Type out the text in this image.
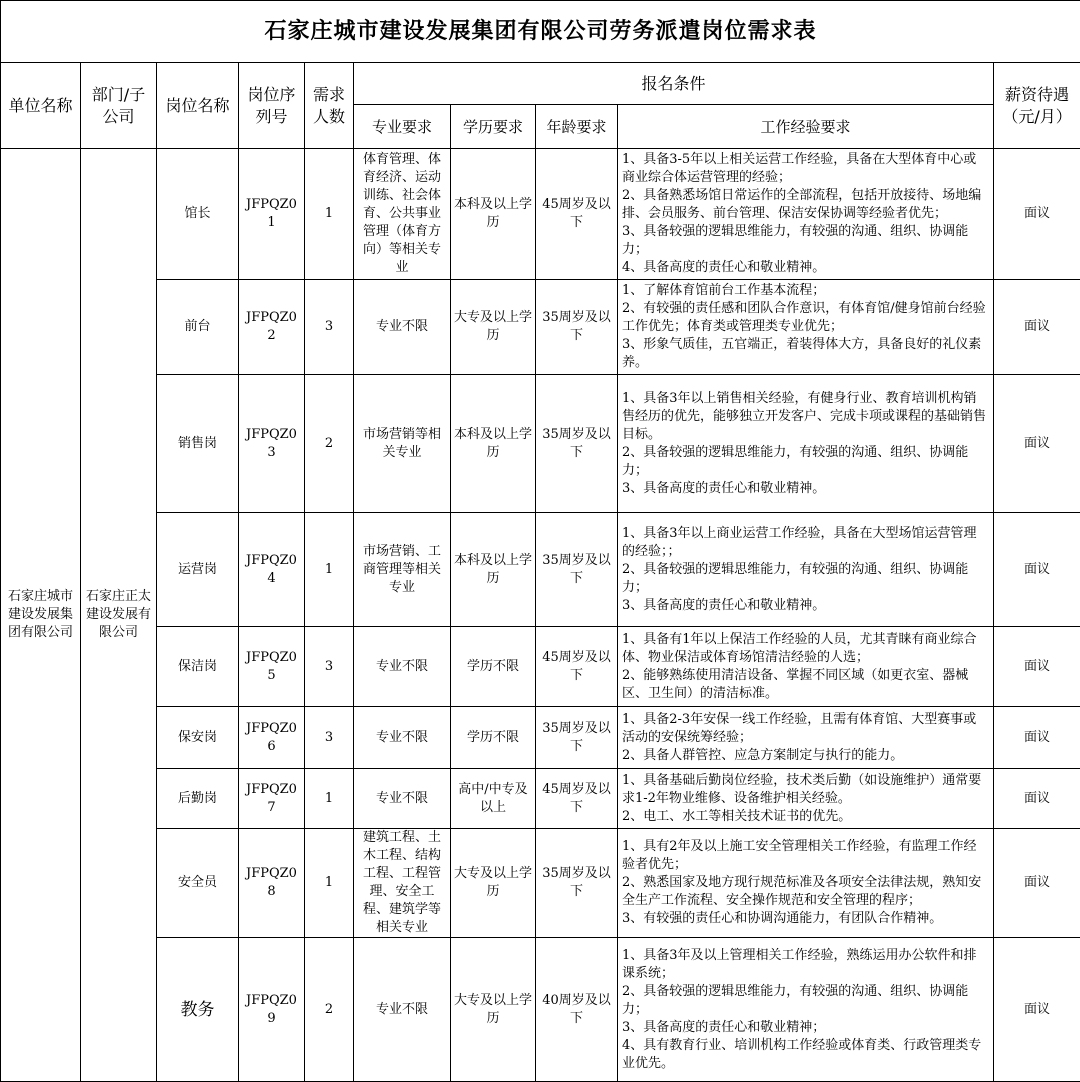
石家庄城市建设发展集团有限公司劳务派遣岗位需求表									
单位名称	部门/子公司	岗位名称	岗位序列号	需求人数	报名条件				薪资待遇（元/月）
					专业要求	学历要求	年龄要求	工作经验要求	
石家庄城市建设发展集团有限公司	石家庄正太建设发展有限公司	馆长	JFPQZ01	1	体育管理、体育经济、运动训练、社会体育、公共事业管理（体育方向）等相关专业	本科及以上学历	45周岁及以下	1、具备3-5年以上相关运营工作经验，具备在大型体育中心或商业综合体运营管理的经验；
2、具备熟悉场馆日常运作的全部流程，包括开放接待、场地编排、会员服务、前台管理、保洁安保协调等经验者优先；
3、具备较强的逻辑思维能力，有较强的沟通、组织、协调能力；
4、具备高度的责任心和敬业精神。	面议
		前台	JFPQZ02	3	专业不限	大专及以上学历	35周岁及以下	1、了解体育馆前台工作基本流程；
2、有较强的责任感和团队合作意识，有体育馆/健身馆前台经验工作优先；体育类或管理类专业优先；
3、形象气质佳，五官端正，着装得体大方，具备良好的礼仪素养。	面议
		销售岗	JFPQZ03	2	市场营销等相关专业	本科及以上学历	35周岁及以下	1、具备3年以上销售相关经验，有健身行业、教育培训机构销售经历的优先，能够独立开发客户、完成卡项或课程的基础销售目标。
2、具备较强的逻辑思维能力，有较强的沟通、组织、协调能力；
3、具备高度的责任心和敬业精神。	面议
		运营岗	JFPQZ04	1	市场营销、工商管理等相关专业	本科及以上学历	35周岁及以下	1、具备3年以上商业运营工作经验，具备在大型场馆运营管理的经验；；
2、具备较强的逻辑思维能力，有较强的沟通、组织、协调能力；
3、具备高度的责任心和敬业精神。	面议
		保洁岗	JFPQZ05	3	专业不限	学历不限	45周岁及以下	1、具备有1年以上保洁工作经验的人员，尤其青睐有商业综合体、物业保洁或体育场馆清洁经验的人选；
2、能够熟练使用清洁设备、掌握不同区域（如更衣室、器械区、卫生间）的清洁标准。	面议
		保安岗	JFPQZ06	3	专业不限	学历不限	35周岁及以下	1、具备2-3年安保一线工作经验，且需有体育馆、大型赛事或活动的安保统筹经验；
2、具备人群管控、应急方案制定与执行的能力。	面议
		后勤岗	JFPQZ07	1	专业不限	高中/中专及以上	45周岁及以下	1、具备基础后勤岗位经验，技术类后勤（如设施维护）通常要求1-2年物业维修、设备维护相关经验。
2、电工、水工等相关技术证书的优先。	面议
		安全员	JFPQZ08	1	建筑工程、土木工程、结构工程、工程管理、安全工程、建筑学等相关专业	大专及以上学历	35周岁及以下	1、具有2年及以上施工安全管理相关工作经验，有监理工作经验者优先；
2、熟悉国家及地方现行规范标准及各项安全法律法规，熟知安全生产工作流程、安全操作规范和安全管理的程序；
3、有较强的责任心和协调沟通能力，有团队合作精神。	面议
		教务	JFPQZ09	2	专业不限	大专及以上学历	40周岁及以下	1、具备3年及以上管理相关工作经验，熟练运用办公软件和排课系统；
2、具备较强的逻辑思维能力，有较强的沟通、组织、协调能力；
3、具备高度的责任心和敬业精神；
4、具有教育行业、培训机构工作经验或体育类、行政管理类专业优先。	面议
